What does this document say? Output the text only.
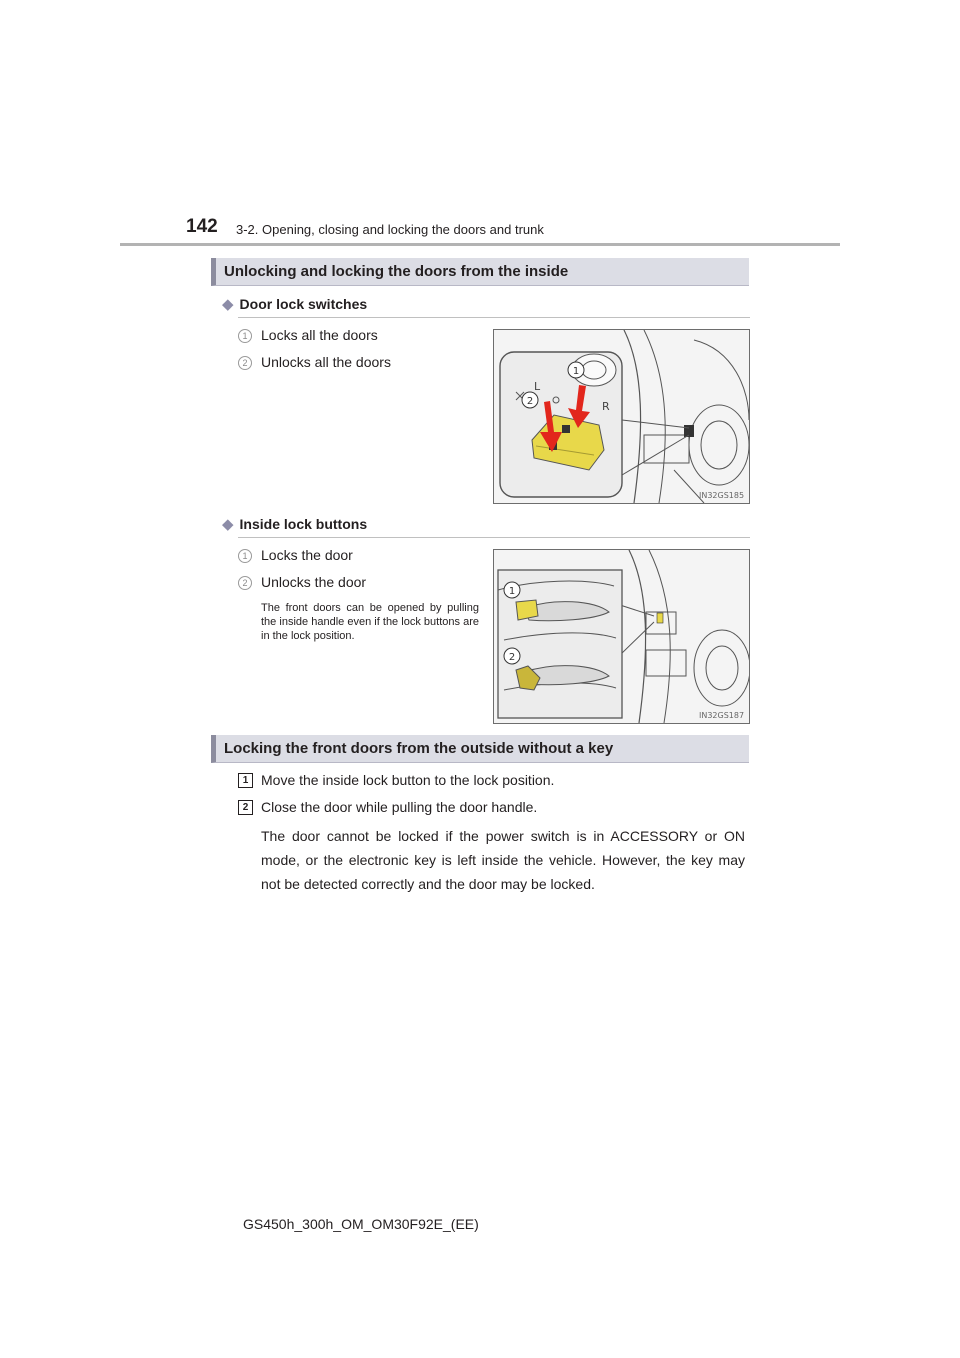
142 3-2. Opening, closing and locking the doors and trunk
Unlocking and locking the doors from the inside
◆ Door lock switches
1 Locks all the doors
2 Unlocks all the doors
L
R
1
2
IN32GS185
◆ Inside lock buttons
1 Locks the door
2 Unlocks the door
The front doors can be opened by pulling the inside handle even if the lock buttons are in the lock position.
1
2
IN32GS187
Locking the front doors from the outside without a key
1 Move the inside lock button to the lock position.
2 Close the door while pulling the door handle.
The door cannot be locked if the power switch is in ACCESSORY or ON mode, or the electronic key is left inside the vehicle. However, the key may not be detected correctly and the door may be locked.
GS450h_300h_OM_OM30F92E_(EE)
